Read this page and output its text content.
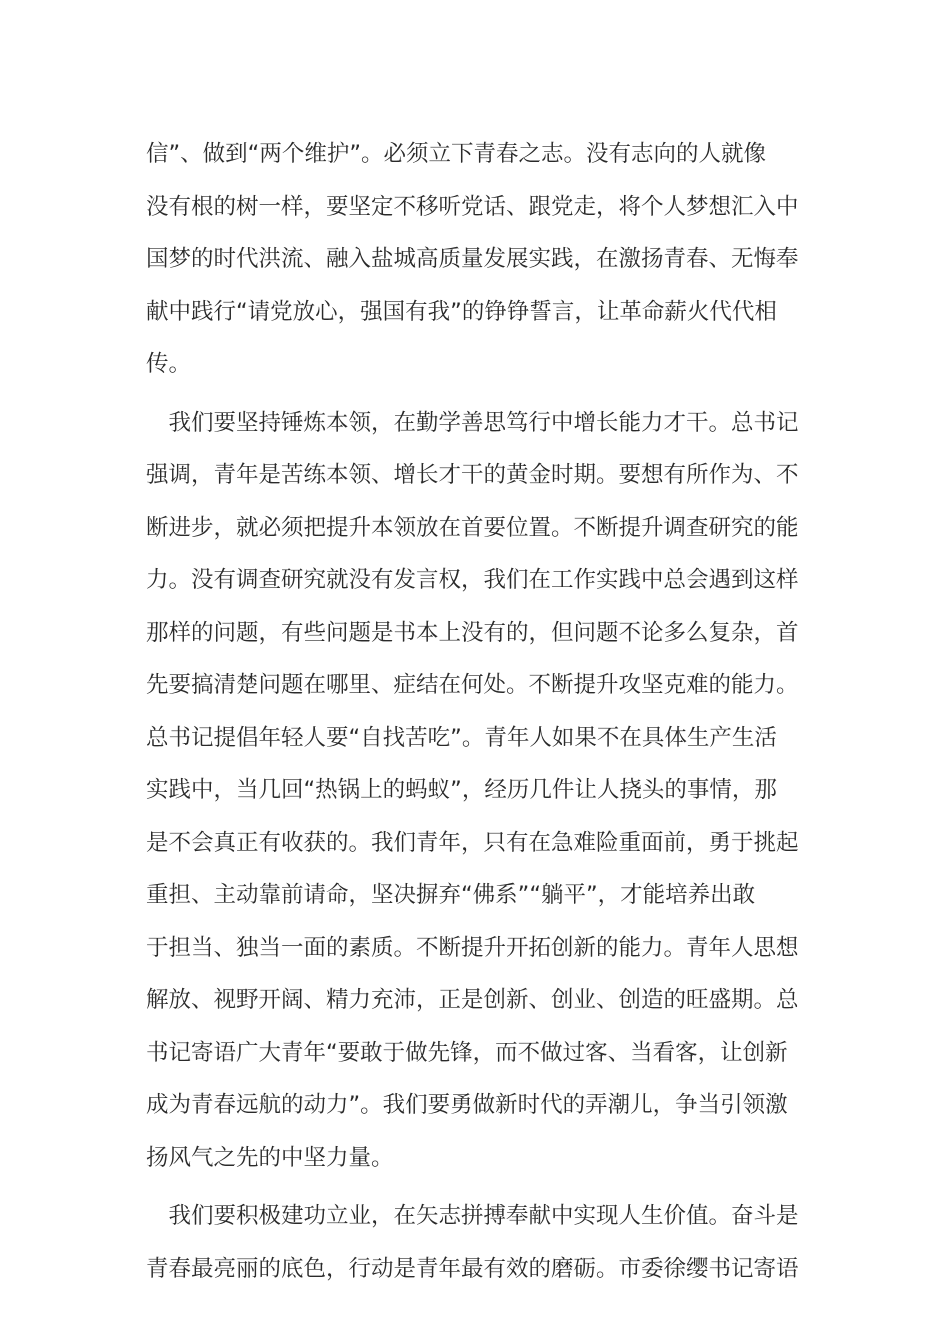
信”、做到“两个维护”。必须立下青春之志。没有志向的人就像
没有根的树一样，要坚定不移听党话、跟党走，将个人梦想汇入中
国梦的时代洪流、融入盐城高质量发展实践，在激扬青春、无悔奉
献中践行“请党放心，强国有我”的铮铮誓言，让革命薪火代代相
传。
　我们要坚持锤炼本领，在勤学善思笃行中增长能力才干。总书记
强调，青年是苦练本领、增长才干的黄金时期。要想有所作为、不
断进步，就必须把提升本领放在首要位置。不断提升调查研究的能
力。没有调查研究就没有发言权，我们在工作实践中总会遇到这样
那样的问题，有些问题是书本上没有的，但问题不论多么复杂，首
先要搞清楚问题在哪里、症结在何处。不断提升攻坚克难的能力。
总书记提倡年轻人要“自找苦吃”。青年人如果不在具体生产生活
实践中，当几回“热锅上的蚂蚁”，经历几件让人挠头的事情，那
是不会真正有收获的。我们青年，只有在急难险重面前，勇于挑起
重担、主动靠前请命，坚决摒弃“佛系”“躺平”，才能培养出敢
于担当、独当一面的素质。不断提升开拓创新的能力。青年人思想
解放、视野开阔、精力充沛，正是创新、创业、创造的旺盛期。总
书记寄语广大青年“要敢于做先锋，而不做过客、当看客，让创新
成为青春远航的动力”。我们要勇做新时代的弄潮儿，争当引领激
扬风气之先的中坚力量。
　我们要积极建功立业，在矢志拼搏奉献中实现人生价值。奋斗是
青春最亮丽的底色，行动是青年最有效的磨砺。市委徐缨书记寄语
